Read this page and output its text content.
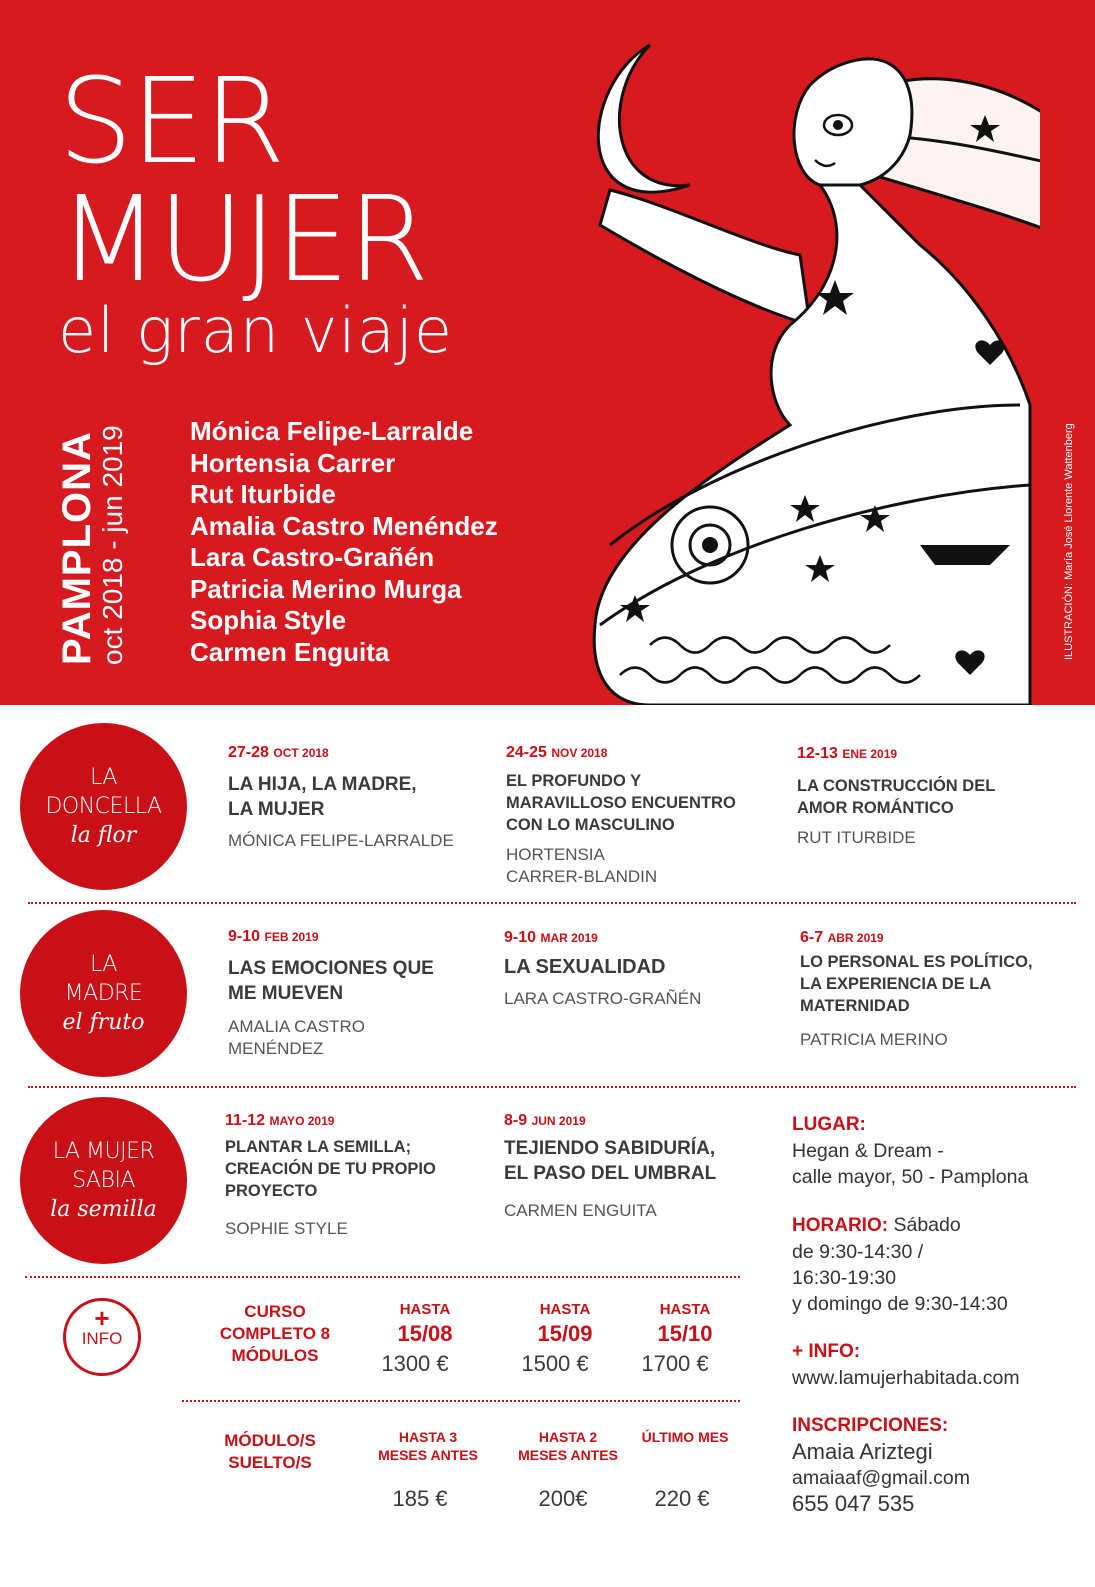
SER
MUJER
el gran viaje
PAMPLONA
oct 2018 - jun 2019 Mónica Felipe-Larralde
Hortensia Carrer
Rut Iturbide
Amalia Castro Menéndez
Lara Castro-Grañén
Patricia Merino Murga
Sophia Style
Carmen Enguita	ILUSTRACIÓN: María José Llorente Wattenberg
LA
DONCELLA
la flor
LA
MADRE
el fruto
LA MUJER
SABIA
la semilla
27-28 OCT 2018
LA HIJA, LA MADRE, LA MUJER
MÓNICA FELIPE-LARRALDE
24-25 NOV 2018
EL PROFUNDO Y MARAVILLOSO ENCUENTRO CON LO MASCULINO
HORTENSIA CARRER-BLANDIN
12-13 ENE 2019
LA CONSTRUCCIÓN DEL AMOR ROMÁNTICO
RUT ITURBIDE
9-10 FEB 2019
LAS EMOCIONES QUE ME MUEVEN
AMALIA CASTRO MENÉNDEZ
9-10 MAR 2019
LA SEXUALIDAD
LARA CASTRO-GRAÑÉN
6-7 ABR 2019
LO PERSONAL ES POLÍTICO, LA EXPERIENCIA DE LA MATERNIDAD
PATRICIA MERINO
11-12 MAYO 2019
PLANTAR LA SEMILLA; CREACIÓN DE TU PROPIO PROYECTO
SOPHIE STYLE
8-9 JUN 2019
TEJIENDO SABIDURÍA, EL PASO DEL UMBRAL
CARMEN ENGUITA
+
INFO
CURSO COMPLETO 8 MÓDULOS
HASTA
15/08
1300 €
HASTA
15/09
1500 €
HASTA
15/10
1700 €
MÓDULO/S SUELTO/S
HASTA 3 MESES ANTES
185 €
HASTA 2 MESES ANTES
200€
ÚLTIMO MES
220 €
LUGAR:
Hegan & Dream -
calle mayor, 50 - Pamplona
HORARIO: Sábado
de 9:30-14:30 /
16:30-19:30
y domingo de 9:30-14:30
+ INFO:
www.lamujerhabitada.com
INSCRIPCIONES:
Amaia Ariztegi
amaiaaf@gmail.com
655 047 535
